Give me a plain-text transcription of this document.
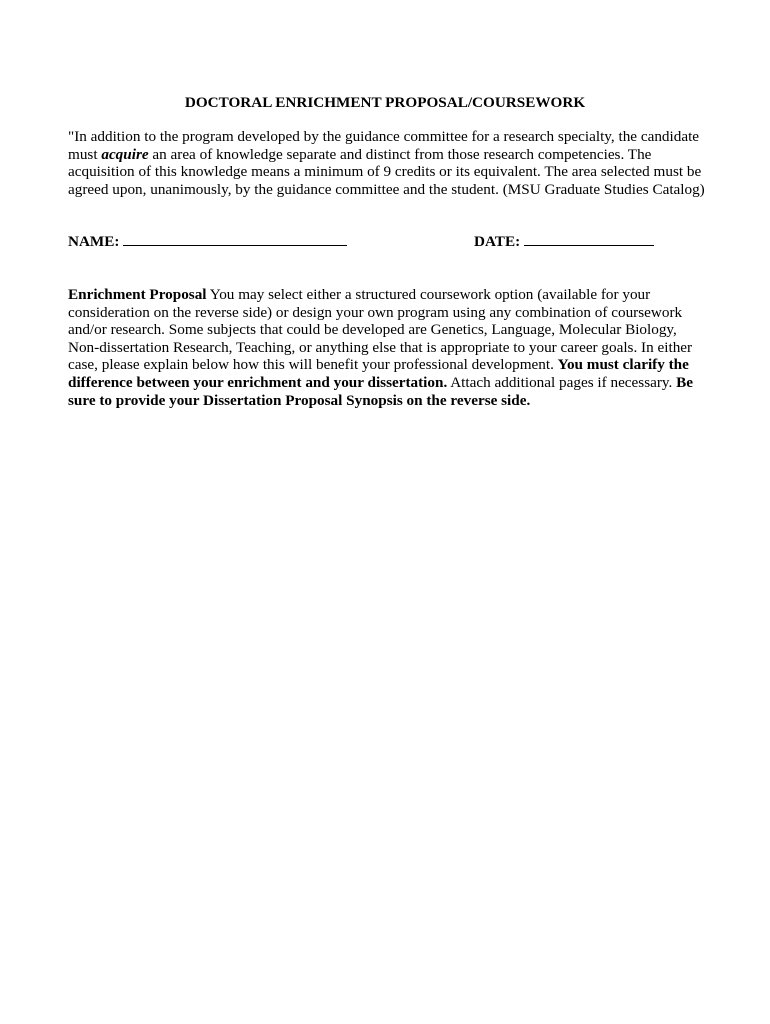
DOCTORAL ENRICHMENT PROPOSAL/COURSEWORK
"In addition to the program developed by the guidance committee for a research specialty, the candidate must acquire an area of knowledge separate and distinct from those research competencies. The acquisition of this knowledge means a minimum of 9 credits or its equivalent. The area selected must be agreed upon, unanimously, by the guidance committee and the student. (MSU Graduate Studies Catalog)
NAME:	DATE:
Enrichment Proposal You may select either a structured coursework option (available for your consideration on the reverse side) or design your own program using any combination of coursework and/or research. Some subjects that could be developed are Genetics, Language, Molecular Biology, Non-dissertation Research, Teaching, or anything else that is appropriate to your career goals. In either case, please explain below how this will benefit your professional development. You must clarify the difference between your enrichment and your dissertation. Attach additional pages if necessary. Be sure to provide your Dissertation Proposal Synopsis on the reverse side.
